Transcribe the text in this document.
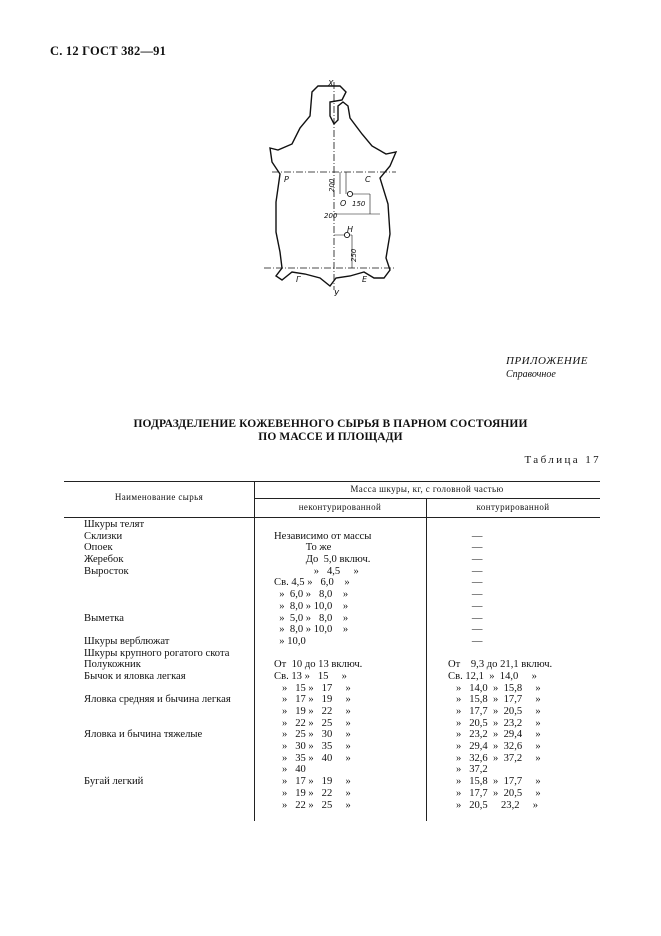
С. 12 ГОСТ 382—91
X
У
Р	С
O
Н
Г	Е
200
150
200
250
ПРИЛОЖЕНИЕ
Справочное
ПОДРАЗДЕЛЕНИЕ КОЖЕВЕННОГО СЫРЬЯ В ПАРНОМ СОСТОЯНИИ
ПО МАССЕ И ПЛОЩАДИ
Таблица 17
Наименование сырья
Масса шкуры, кг, с головной частью
неконтурированной	контурированной
Шкуры телят
Склизки	Независимо от массы	—
Опоек	То же	—
Жеребок	До  5,0 включ.	—
Выросток	»   4,5     »	—
Св. 4,5 »   6,0    »	—
»  6,0 »   8,0    »	—
»  8,0 » 10,0    »	—
Выметка	»  5,0 »   8,0    »	—
»  8,0 » 10,0    »	—
Шкуры верблюжат	» 10,0	—
Шкуры крупного рогатого скота
Полукожник	От  10 до 13 включ.	От    9,3 до 21,1 включ.
Бычок и яловка легкая	Св. 13 »   15     »	Св. 12,1  »  14,0     »
»   15 »   17     »	»   14,0  »  15,8     »
Яловка средняя и бычина легкая	»   17 »   19     »	»   15,8  »  17,7     »
»   19 »   22     »	»   17,7  »  20,5     »
»   22 »   25     »	»   20,5  »  23,2     »
Яловка и бычина тяжелые	»   25 »   30     »	»   23,2  »  29,4     »
»   30 »   35     »	»   29,4  »  32,6     »
»   35 »   40     »	»   32,6  »  37,2     »
»   40	»   37,2
Бугай легкий	»   17 »   19     »	»   15,8  »  17,7     »
»   19 »   22     »	»   17,7  »  20,5     »
»   22 »   25     »	»   20,5     23,2     »
